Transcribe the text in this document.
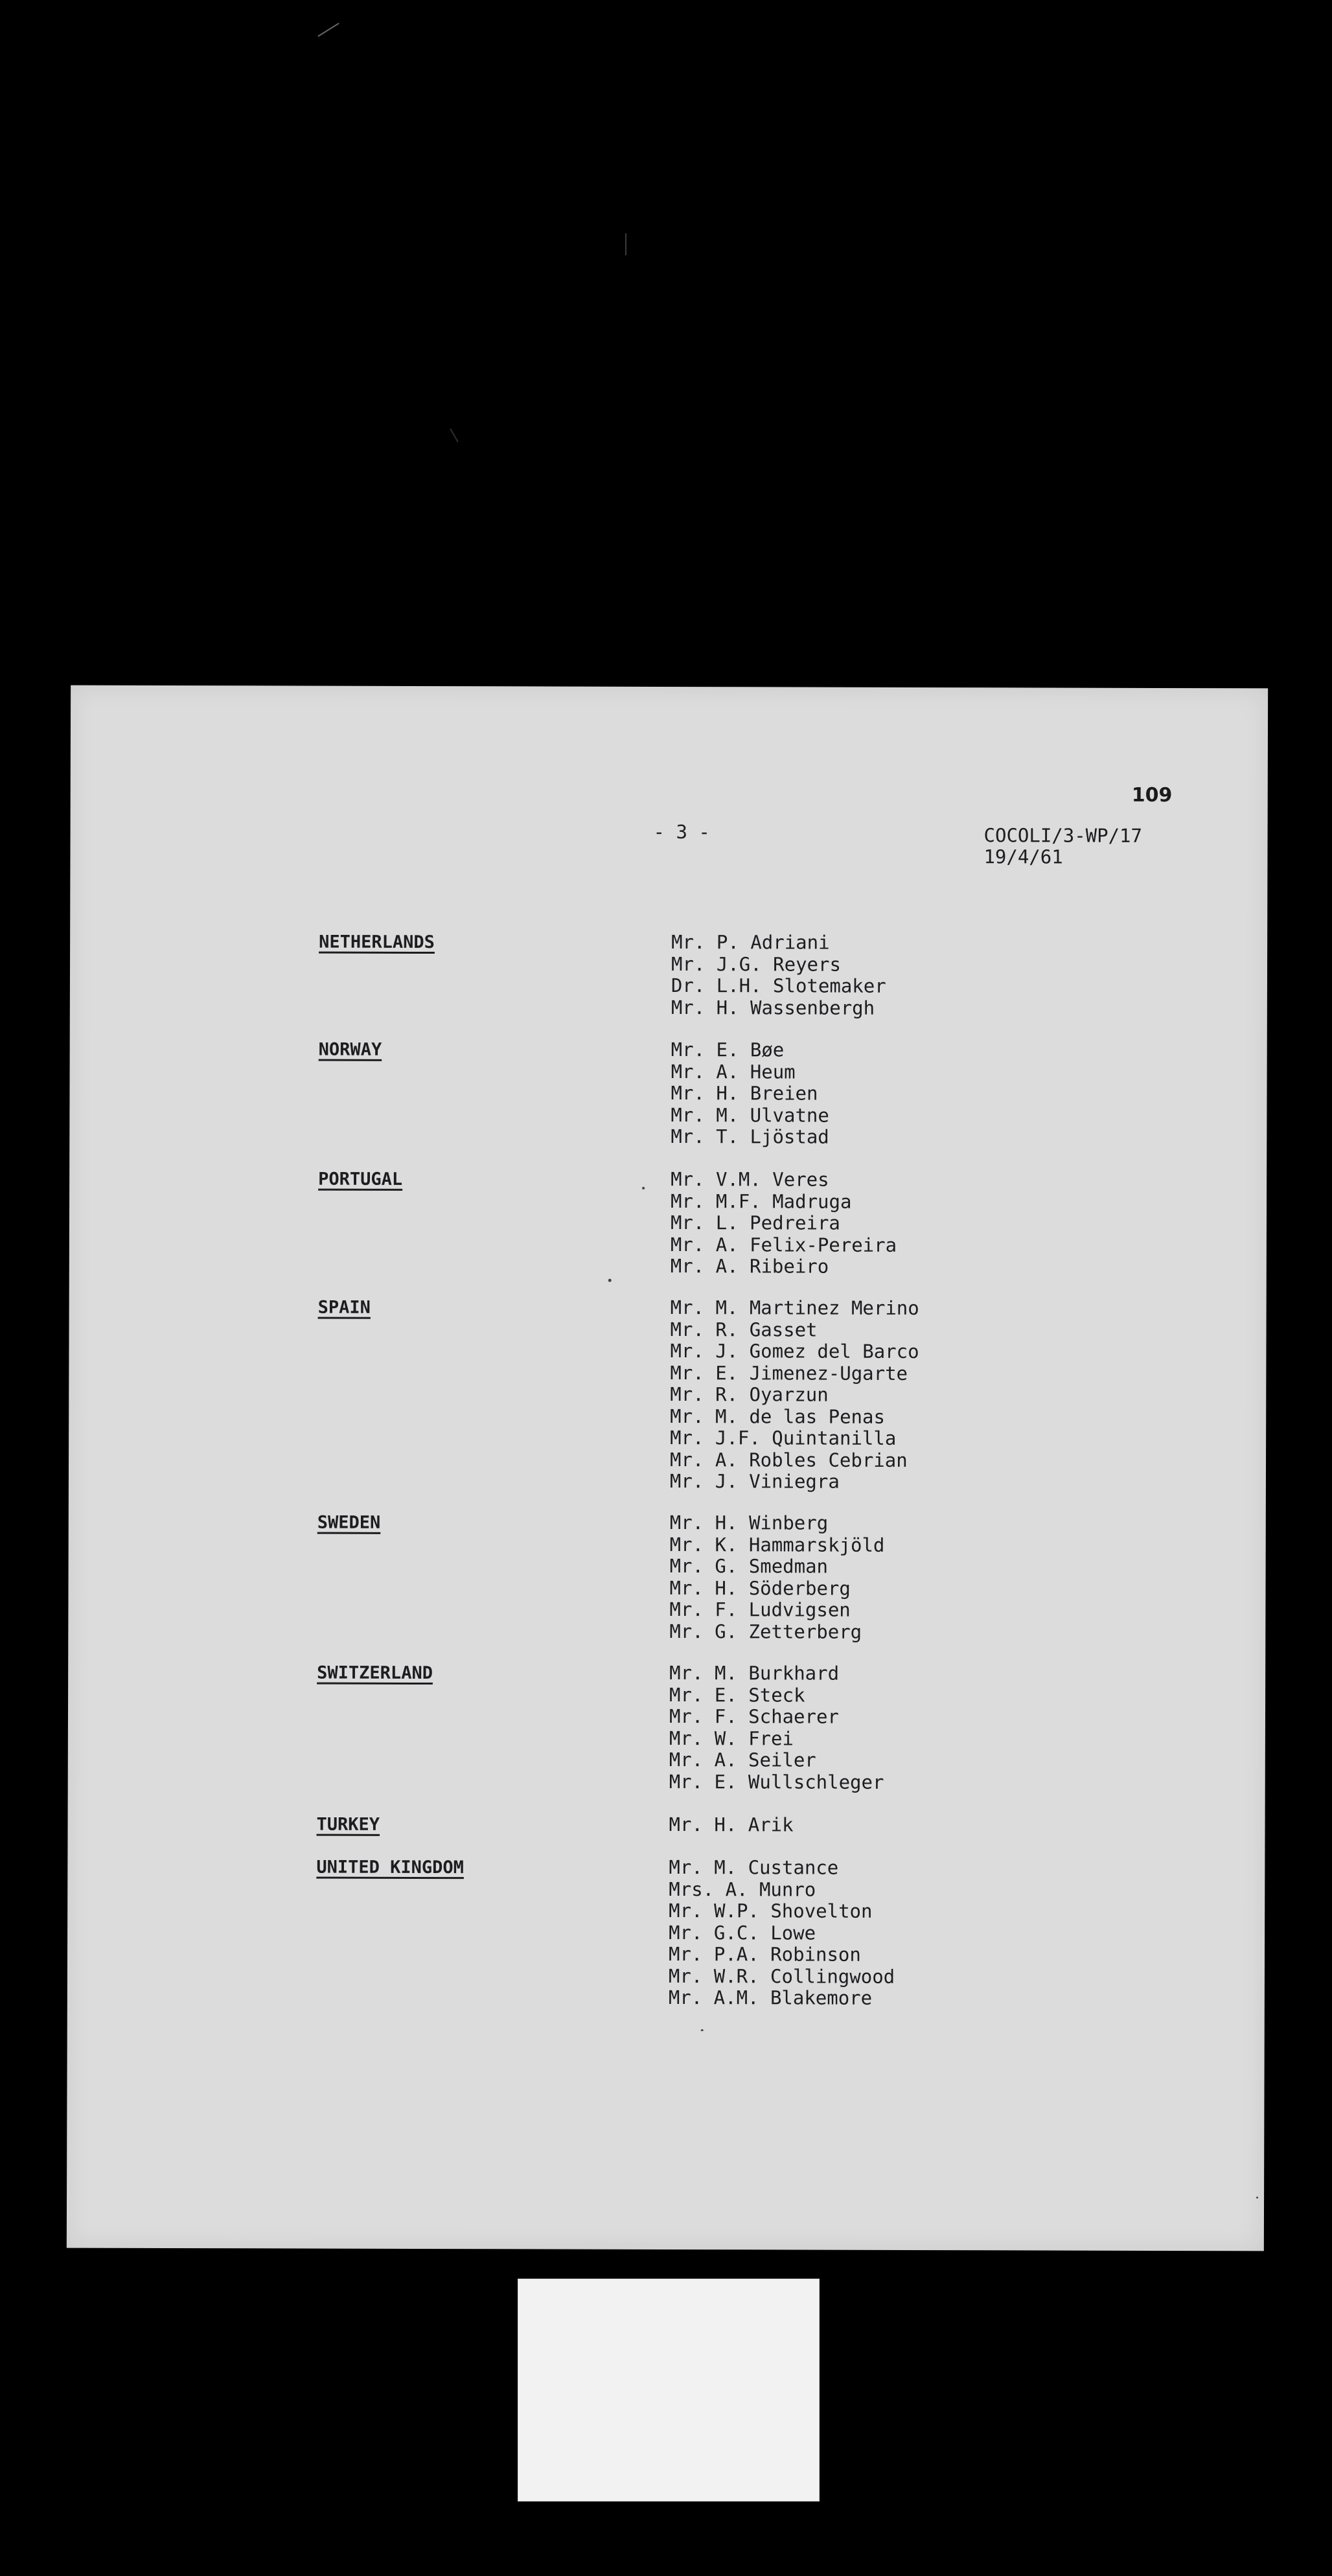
109
- 3 -	COCOLI/3-WP/17
19/4/61
NETHERLANDS	Mr. P. Adriani
Mr. J.G. Reyers
Dr. L.H. Slotemaker
Mr. H. Wassenbergh
NORWAY	Mr. E. Bøe
Mr. A. Heum
Mr. H. Breien
Mr. M. Ulvatne
Mr. T. Ljöstad
PORTUGAL	Mr. V.M. Veres
Mr. M.F. Madruga
Mr. L. Pedreira
Mr. A. Felix-Pereira
Mr. A. Ribeiro
SPAIN	Mr. M. Martinez Merino
Mr. R. Gasset
Mr. J. Gomez del Barco
Mr. E. Jimenez-Ugarte
Mr. R. Oyarzun
Mr. M. de las Penas
Mr. J.F. Quintanilla
Mr. A. Robles Cebrian
Mr. J. Viniegra
SWEDEN	Mr. H. Winberg
Mr. K. Hammarskjöld
Mr. G. Smedman
Mr. H. Söderberg
Mr. F. Ludvigsen
Mr. G. Zetterberg
SWITZERLAND	Mr. M. Burkhard
Mr. E. Steck
Mr. F. Schaerer
Mr. W. Frei
Mr. A. Seiler
Mr. E. Wullschleger
TURKEY	Mr. H. Arik
UNITED KINGDOM	Mr. M. Custance
Mrs. A. Munro
Mr. W.P. Shovelton
Mr. G.C. Lowe
Mr. P.A. Robinson
Mr. W.R. Collingwood
Mr. A.M. Blakemore
